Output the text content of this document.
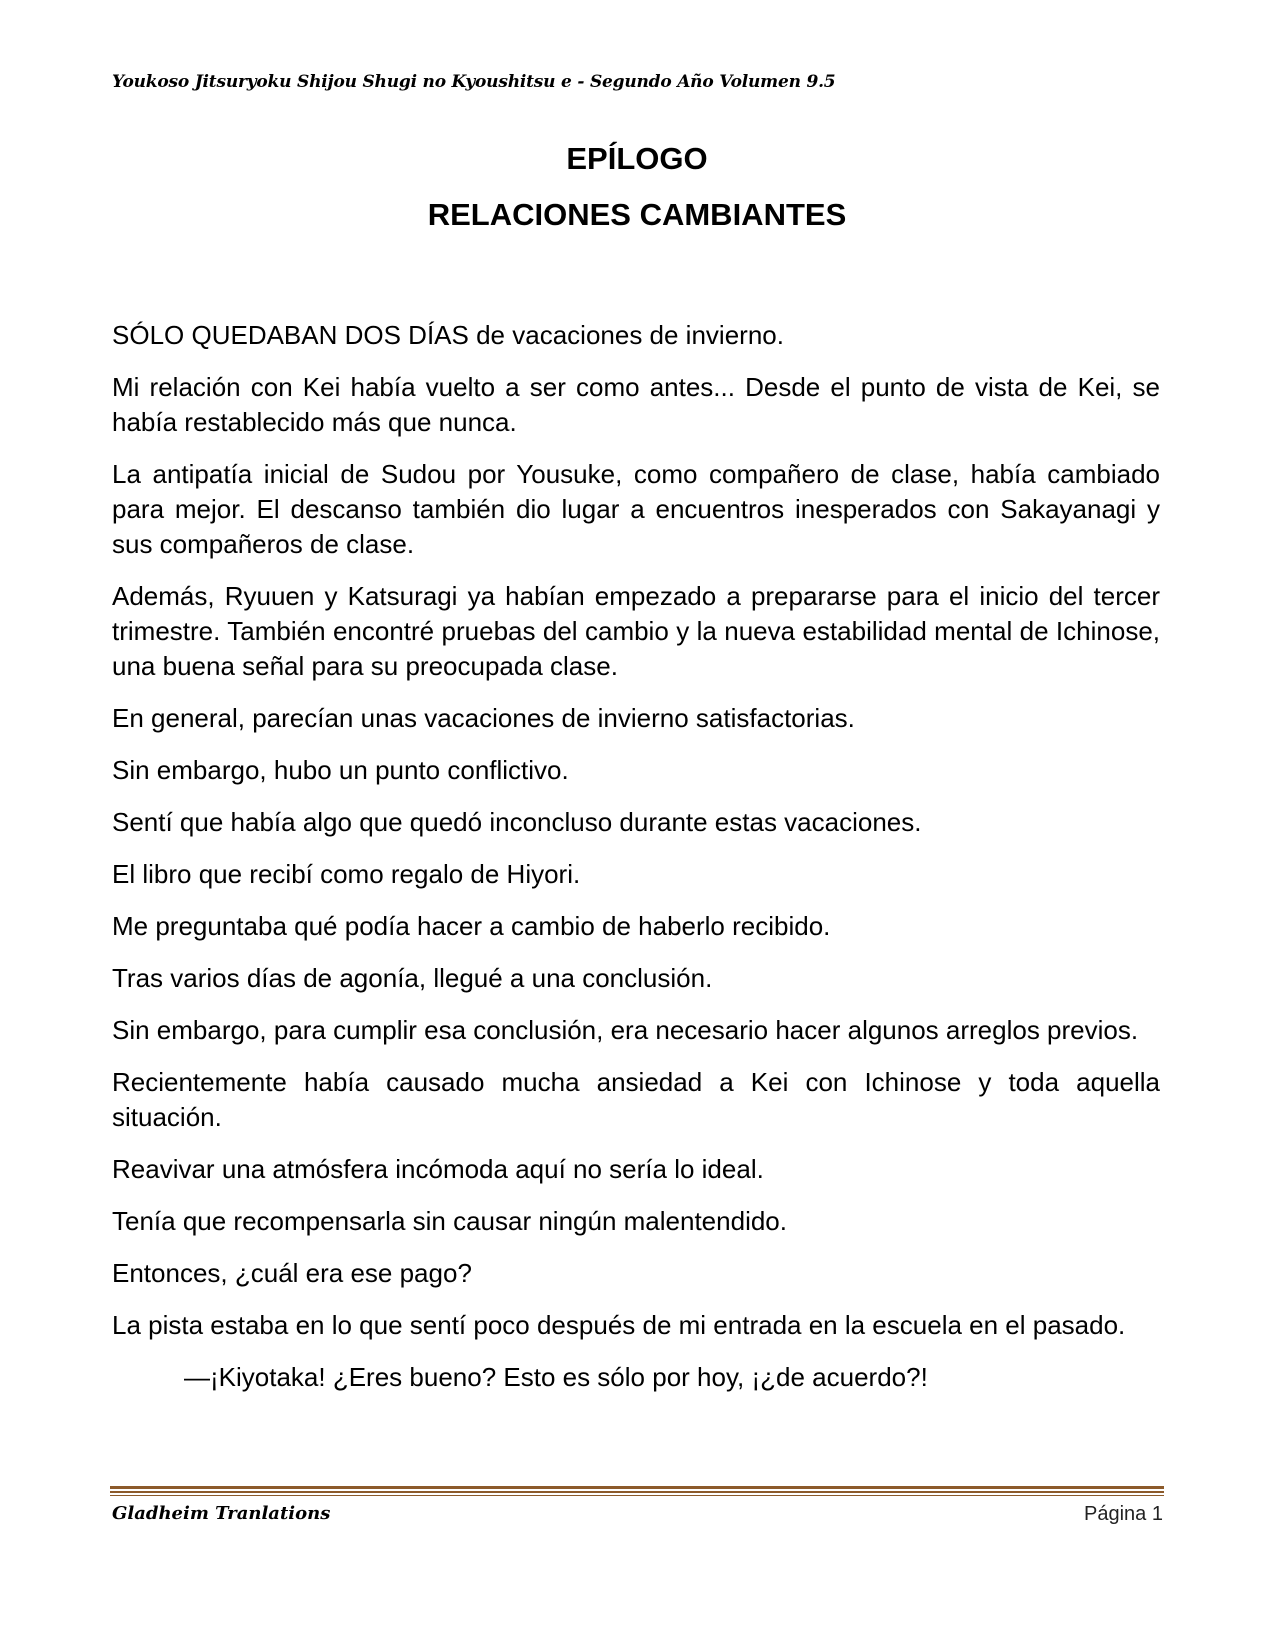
Youkoso Jitsuryoku Shijou Shugi no Kyoushitsu e - Segundo Año Volumen 9.5
EPÍLOGO
RELACIONES CAMBIANTES

SÓLO QUEDABAN DOS DÍAS de vacaciones de invierno.

Mi relación con Kei había vuelto a ser como antes... Desde el punto de vista de Kei, se había restablecido más que nunca.

La antipatía inicial de Sudou por Yousuke, como compañero de clase, había cambiado para mejor. El descanso también dio lugar a encuentros inesperados con Sakayanagi y sus compañeros de clase.

Además, Ryuuen y Katsuragi ya habían empezado a prepararse para el inicio del tercer trimestre. También encontré pruebas del cambio y la nueva estabilidad mental de Ichinose, una buena señal para su preocupada clase.

En general, parecían unas vacaciones de invierno satisfactorias.

Sin embargo, hubo un punto conflictivo.

Sentí que había algo que quedó inconcluso durante estas vacaciones.

El libro que recibí como regalo de Hiyori.

Me preguntaba qué podía hacer a cambio de haberlo recibido.

Tras varios días de agonía, llegué a una conclusión.

Sin embargo, para cumplir esa conclusión, era necesario hacer algunos arreglos previos.

Recientemente había causado mucha ansiedad a Kei con Ichinose y toda aquella situación.

Reavivar una atmósfera incómoda aquí no sería lo ideal.

Tenía que recompensarla sin causar ningún malentendido.

Entonces, ¿cuál era ese pago?

La pista estaba en lo que sentí poco después de mi entrada en la escuela en el pasado.

—¡Kiyotaka! ¿Eres bueno? Esto es sólo por hoy, ¡¿de acuerdo?!

Gladheim Tranlations	Página 1
